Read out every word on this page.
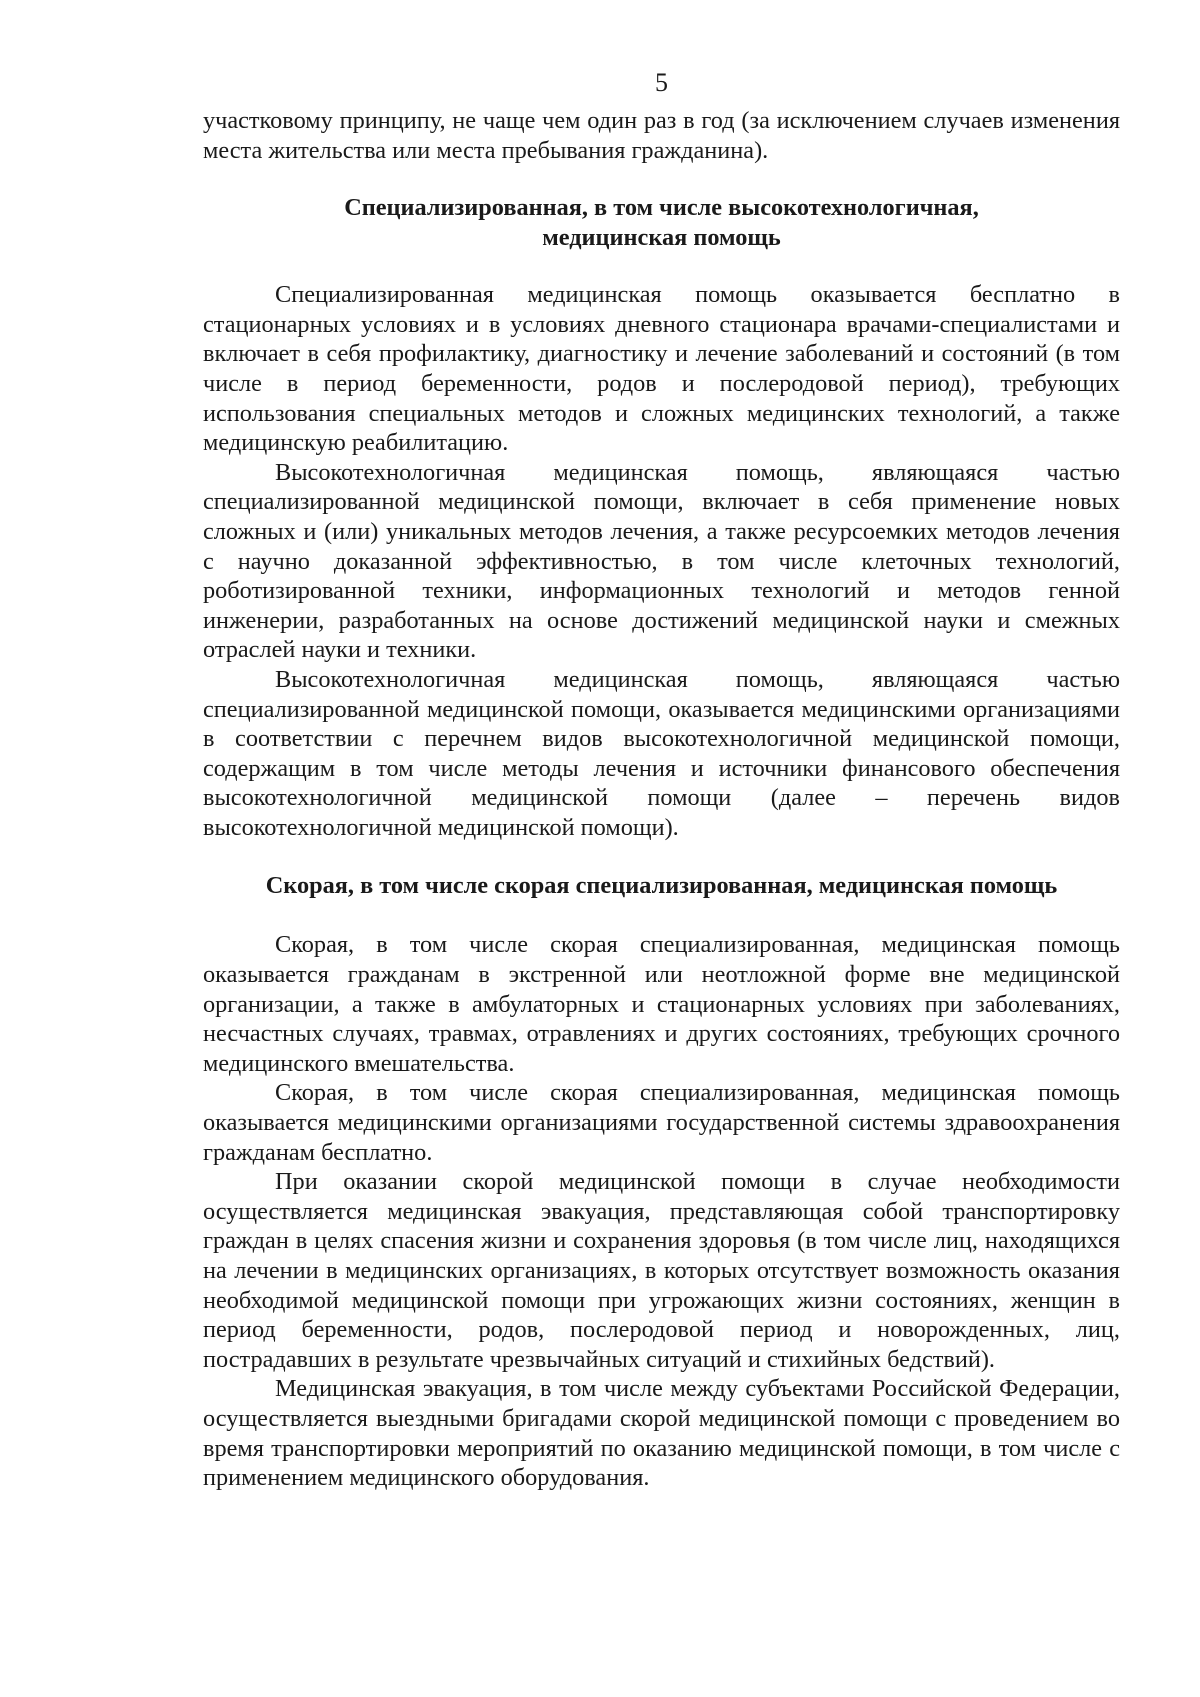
5

участковому принципу, не чаще чем один раз в год (за исключением случаев изменения места жительства или места пребывания гражданина).

Специализированная, в том числе высокотехнологичная,
медицинская помощь

Специализированная медицинская помощь оказывается бесплатно в стационарных условиях и в условиях дневного стационара врачами-специалистами и включает в себя профилактику, диагностику и лечение заболеваний и состояний (в том числе в период беременности, родов и послеродовой период), требующих использования специальных методов и сложных медицинских технологий, а также медицинскую реабилитацию.

Высокотехнологичная медицинская помощь, являющаяся частью специализированной медицинской помощи, включает в себя применение новых сложных и (или) уникальных методов лечения, а также ресурсоемких методов лечения с научно доказанной эффективностью, в том числе клеточных технологий, роботизированной техники, информационных технологий и методов генной инженерии, разработанных на основе достижений медицинской науки и смежных отраслей науки и техники.

Высокотехнологичная медицинская помощь, являющаяся частью специализированной медицинской помощи, оказывается медицинскими организациями в соответствии с перечнем видов высокотехнологичной медицинской помощи, содержащим в том числе методы лечения и источники финансового обеспечения высокотехнологичной медицинской помощи (далее – перечень видов высокотехнологичной медицинской помощи).

Скорая, в том числе скорая специализированная, медицинская помощь

Скорая, в том числе скорая специализированная, медицинская помощь оказывается гражданам в экстренной или неотложной форме вне медицинской организации, а также в амбулаторных и стационарных условиях при заболеваниях, несчастных случаях, травмах, отравлениях и других состояниях, требующих срочного медицинского вмешательства.

Скорая, в том числе скорая специализированная, медицинская помощь оказывается медицинскими организациями государственной системы здравоохранения гражданам бесплатно.

При оказании скорой медицинской помощи в случае необходимости осуществляется медицинская эвакуация, представляющая собой транспортировку граждан в целях спасения жизни и сохранения здоровья (в том числе лиц, находящихся на лечении в медицинских организациях, в которых отсутствует возможность оказания необходимой медицинской помощи при угрожающих жизни состояниях, женщин в период беременности, родов, послеродовой период и новорожденных, лиц, пострадавших в результате чрезвычайных ситуаций и стихийных бедствий).

Медицинская эвакуация, в том числе между субъектами Российской Федерации, осуществляется выездными бригадами скорой медицинской помощи с проведением во время транспортировки мероприятий по оказанию медицинской помощи, в том числе с применением медицинского оборудования.
